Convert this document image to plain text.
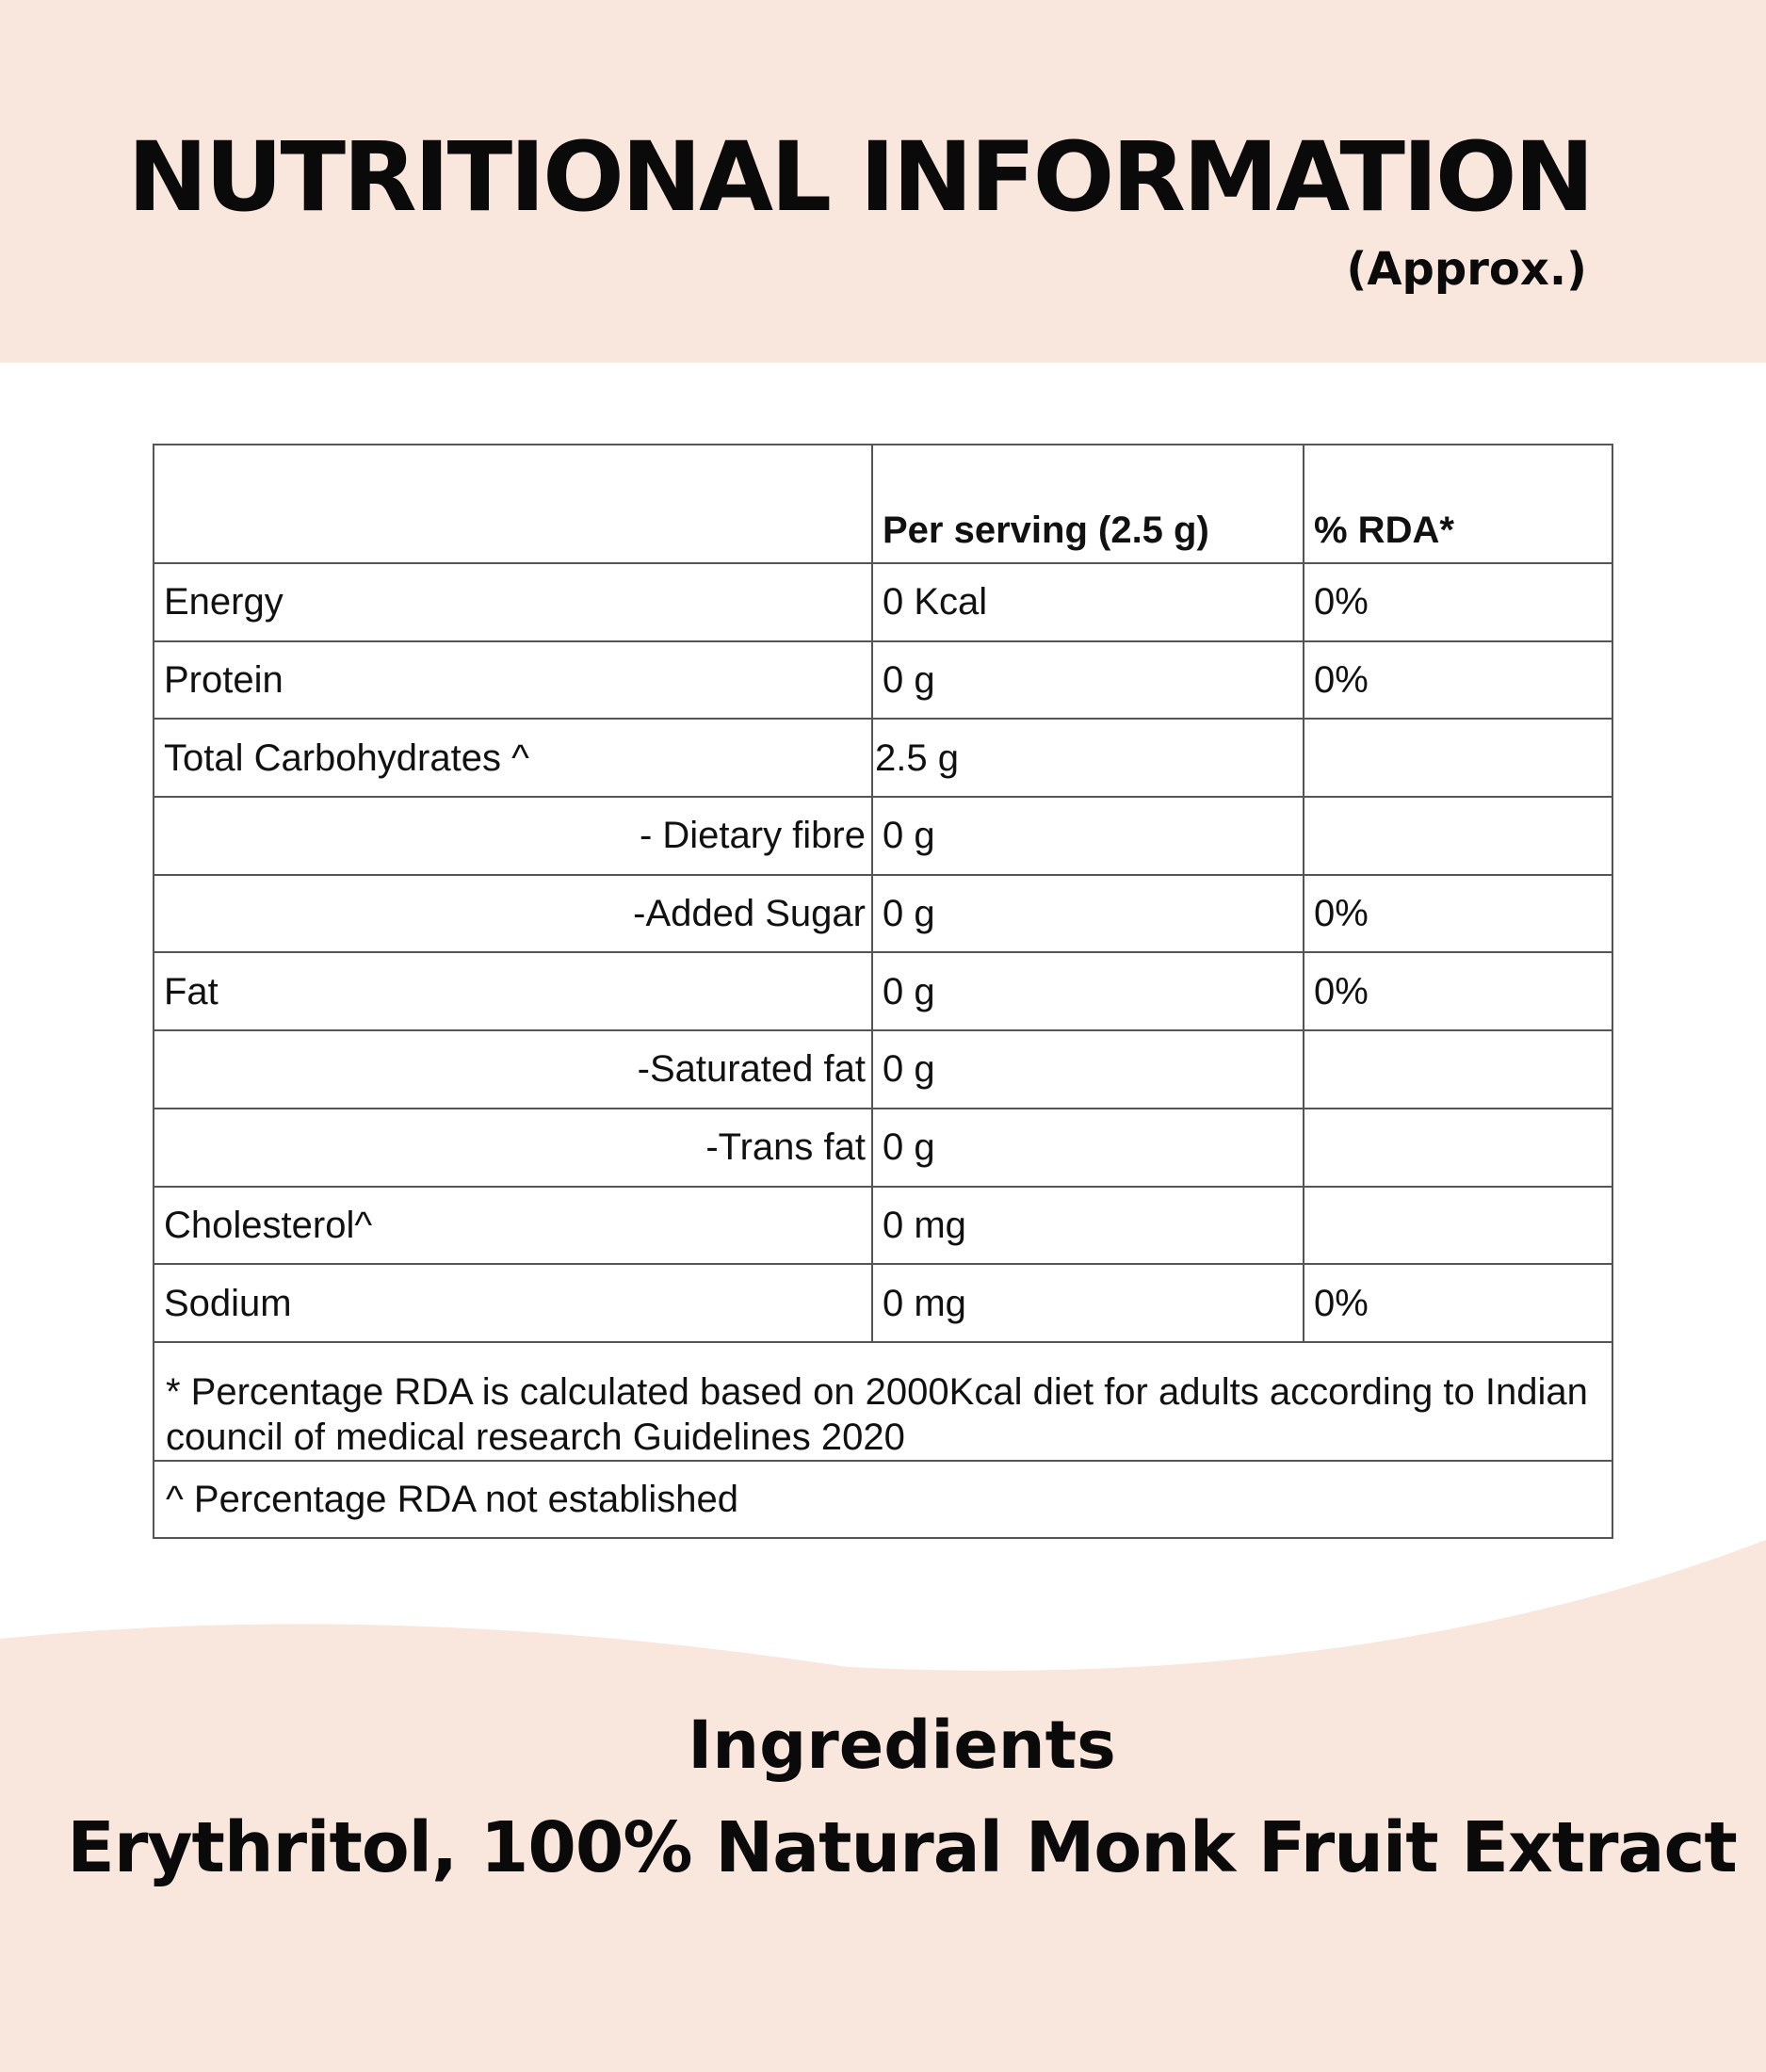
NUTRITIONAL INFORMATION
(Approx.)
Per serving (2.5 g)	% RDA*
Energy	0 Kcal	0%
Protein	0 g	0%
Total Carbohydrates ^	2.5 g
- Dietary fibre 0 g
-Added Sugar 0 g	0%
Fat	0 g	0%
-Saturated fat 0 g
-Trans fat 0 g
Cholesterol^	0 mg
Sodium	0 mg	0%
* Percentage RDA is calculated based on 2000Kcal diet for adults according to Indian council of medical research Guidelines 2020
^ Percentage RDA not established
Ingredients
Erythritol, 100% Natural Monk Fruit Extract
